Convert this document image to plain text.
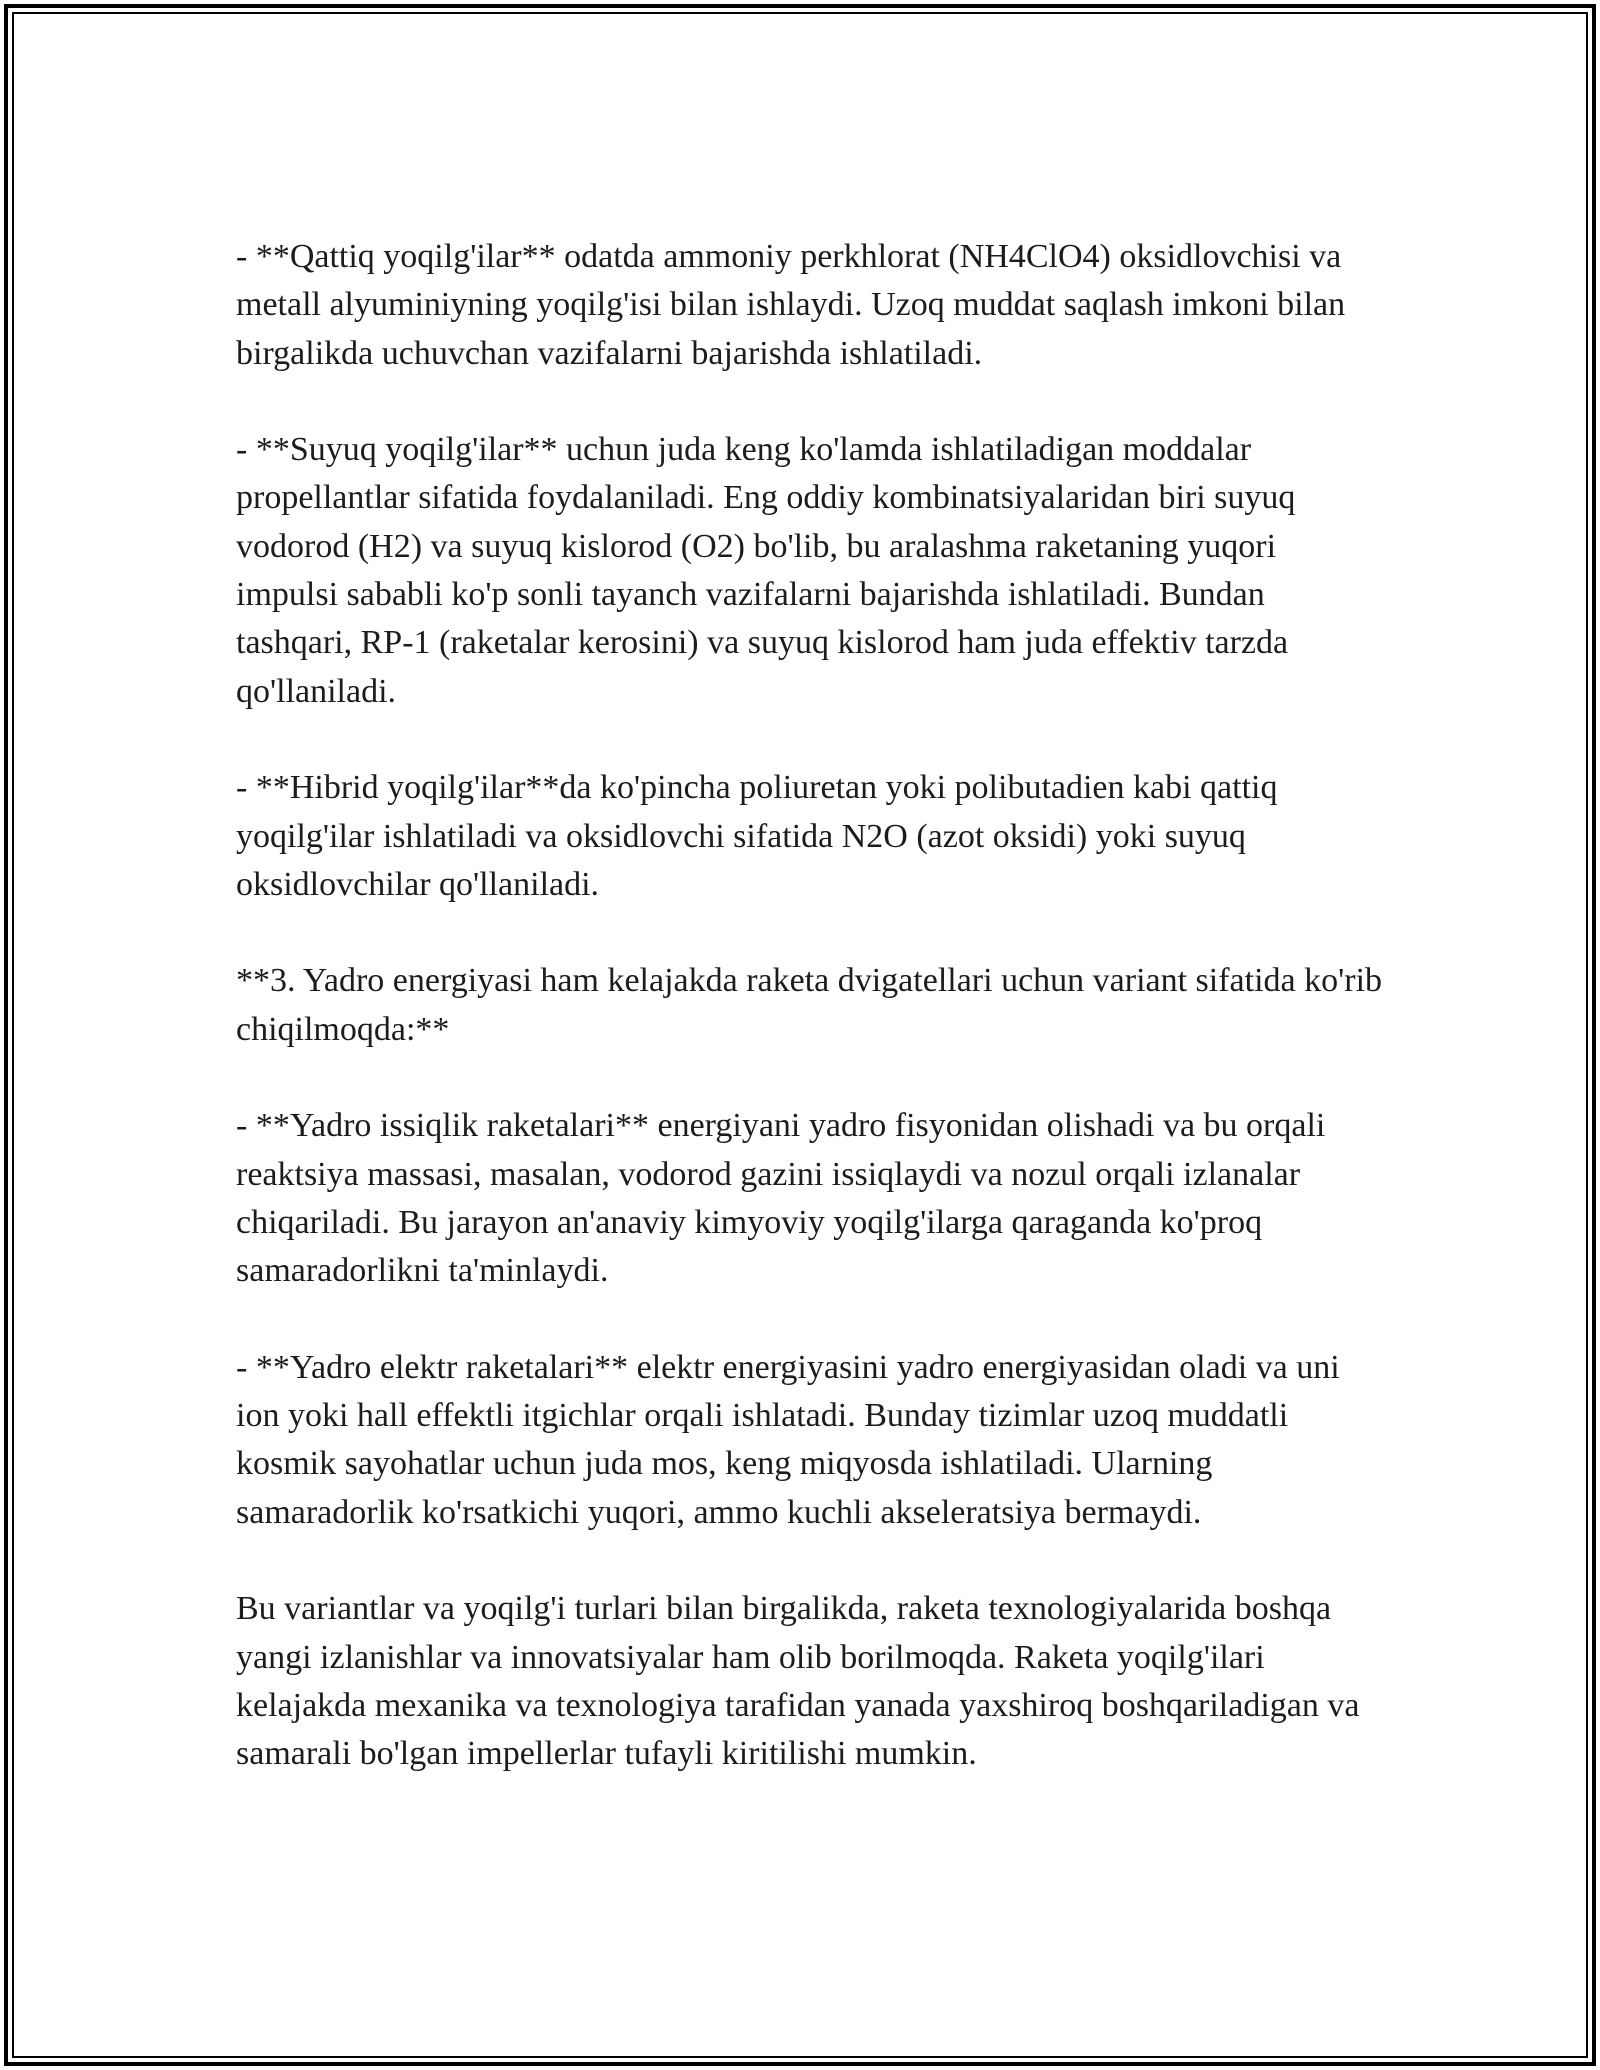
- **Qattiq yoqilg'ilar** odatda ammoniy perkhlorat (NH4ClO4) oksidlovchisi va metall alyuminiyning yoqilg'isi bilan ishlaydi. Uzoq muddat saqlash imkoni bilan birgalikda uchuvchan vazifalarni bajarishda ishlatiladi.

- **Suyuq yoqilg'ilar** uchun juda keng ko'lamda ishlatiladigan moddalar propellantlar sifatida foydalaniladi. Eng oddiy kombinatsiyalaridan biri suyuq vodorod (H2) va suyuq kislorod (O2) bo'lib, bu aralashma raketaning yuqori impulsi sababli ko'p sonli tayanch vazifalarni bajarishda ishlatiladi. Bundan tashqari, RP-1 (raketalar kerosini) va suyuq kislorod ham juda effektiv tarzda qo'llaniladi.

- **Hibrid yoqilg'ilar**da ko'pincha poliuretan yoki polibutadien kabi qattiq yoqilg'ilar ishlatiladi va oksidlovchi sifatida N2O (azot oksidi) yoki suyuq oksidlovchilar qo'llaniladi.

**3. Yadro energiyasi ham kelajakda raketa dvigatellari uchun variant sifatida ko'rib chiqilmoqda:**

- **Yadro issiqlik raketalari** energiyani yadro fisyonidan olishadi va bu orqali reaktsiya massasi, masalan, vodorod gazini issiqlaydi va nozul orqali izlanalar chiqariladi. Bu jarayon an'anaviy kimyoviy yoqilg'ilarga qaraganda ko'proq samaradorlikni ta'minlaydi.

- **Yadro elektr raketalari** elektr energiyasini yadro energiyasidan oladi va uni ion yoki hall effektli itgichlar orqali ishlatadi. Bunday tizimlar uzoq muddatli kosmik sayohatlar uchun juda mos, keng miqyosda ishlatiladi. Ularning samaradorlik ko'rsatkichi yuqori, ammo kuchli akseleratsiya bermaydi.

Bu variantlar va yoqilg'i turlari bilan birgalikda, raketa texnologiyalarida boshqa yangi izlanishlar va innovatsiyalar ham olib borilmoqda. Raketa yoqilg'ilari kelajakda mexanika va texnologiya tarafidan yanada yaxshiroq boshqariladigan va samarali bo'lgan impellerlar tufayli kiritilishi mumkin.
